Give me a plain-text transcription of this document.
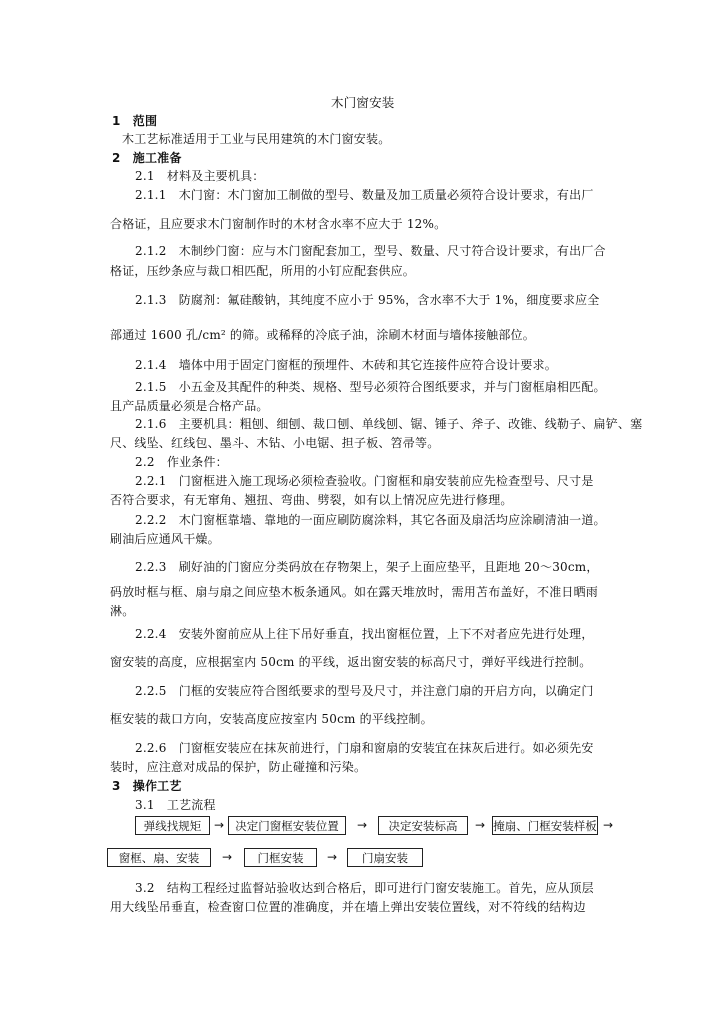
木门窗安装
1　范围
木工艺标准适用于工业与民用建筑的木门窗安装。
2　施工准备
2.1　材料及主要机具：
2.1.1　木门窗：木门窗加工制做的型号、数量及加工质量必须符合设计要求，有出厂
合格证，且应要求木门窗制作时的木材含水率不应大于 12%。
2.1.2　木制纱门窗：应与木门窗配套加工，型号、数量、尺寸符合设计要求，有出厂合
格证，压纱条应与裁口相匹配，所用的小钉应配套供应。
2.1.3　防腐剂：氟硅酸钠，其纯度不应小于 95%，含水率不大于 1%，细度要求应全
部通过 1600 孔/cm² 的筛。或稀释的冷底子油，涂刷木材面与墙体接触部位。
2.1.4　墙体中用于固定门窗框的预埋件、木砖和其它连接件应符合设计要求。
2.1.5　小五金及其配件的种类、规格、型号必须符合图纸要求，并与门窗框扇相匹配。
且产品质量必须是合格产品。
2.1.6　主要机具：粗刨、细刨、裁口刨、单线刨、锯、锤子、斧子、改锥、线勒子、扁铲、塞
尺、线坠、红线包、墨斗、木钻、小电锯、担子板、笤帚等。
2.2　作业条件：
2.2.1　门窗框进入施工现场必须检查验收。门窗框和扇安装前应先检查型号、尺寸是
否符合要求，有无窜角、翘扭、弯曲、劈裂，如有以上情况应先进行修理。
2.2.2　木门窗框靠墙、靠地的一面应刷防腐涂料，其它各面及扇活均应涂刷清油一道。
刷油后应通风干燥。
2.2.3　刷好油的门窗应分类码放在存物架上，架子上面应垫平，且距地 20～30cm，
码放时框与框、扇与扇之间应垫木板条通风。如在露天堆放时，需用苫布盖好，不准日晒雨
淋。
2.2.4　安装外窗前应从上往下吊好垂直，找出窗框位置，上下不对者应先进行处理，
窗安装的高度，应根据室内 50cm 的平线，返出窗安装的标高尺寸，弹好平线进行控制。
2.2.5　门框的安装应符合图纸要求的型号及尺寸，并注意门扇的开启方向，以确定门
框安装的裁口方向，安装高度应按室内 50cm 的平线控制。
2.2.6　门窗框安装应在抹灰前进行，门扇和窗扇的安装宜在抹灰后进行。如必须先安
装时，应注意对成品的保护，防止碰撞和污染。
3　操作工艺
3.1　工艺流程
弹线找规矩	→ 决定门窗框安装位置	→	决定安装标高	→ 掩扇、门框安装样板 →
窗框、扇、安装	→	门框安装	→	门扇安装
3.2　结构工程经过监督站验收达到合格后，即可进行门窗安装施工。首先，应从顶层
用大线坠吊垂直，检查窗口位置的准确度，并在墙上弹出安装位置线，对不符线的结构边
